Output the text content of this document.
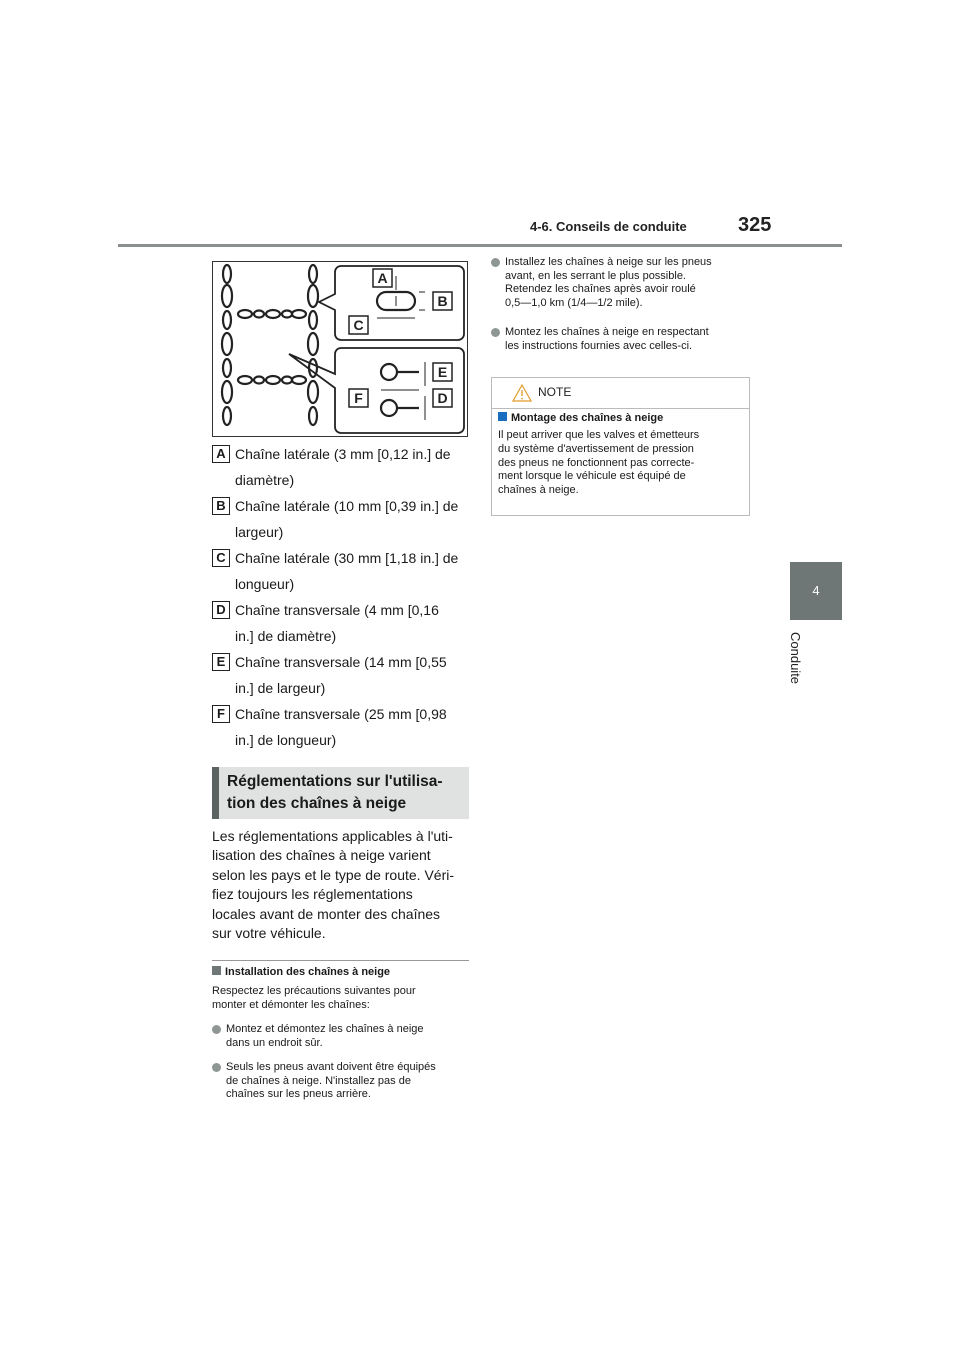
4-6. Conseils de conduite	325
4
Conduite
A
B
C
D
E
F
A Chaîne latérale (3 mm [0,12 in.] de
diamètre)
B Chaîne latérale (10 mm [0,39 in.] de
largeur)
C Chaîne latérale (30 mm [1,18 in.] de
longueur)
D Chaîne transversale (4 mm [0,16
in.] de diamètre)
E Chaîne transversale (14 mm [0,55
in.] de largeur)
F Chaîne transversale (25 mm [0,98
in.] de longueur)
Réglementations sur l'utilisa-
tion des chaînes à neige
Les réglementations applicables à l'uti-
lisation des chaînes à neige varient
selon les pays et le type de route. Véri-
fiez toujours les réglementations
locales avant de monter des chaînes
sur votre véhicule.
Installation des chaînes à neige
Respectez les précautions suivantes pour
monter et démonter les chaînes:
Montez et démontez les chaînes à neige
dans un endroit sûr.
Seuls les pneus avant doivent être équipés
de chaînes à neige. N'installez pas de
chaînes sur les pneus arrière.
Installez les chaînes à neige sur les pneus
avant, en les serrant le plus possible.
Retendez les chaînes après avoir roulé
0,5—1,0 km (1/4—1/2 mile).
Montez les chaînes à neige en respectant
les instructions fournies avec celles-ci.
NOTE
Montage des chaînes à neige
Il peut arriver que les valves et émetteurs
du système d'avertissement de pression
des pneus ne fonctionnent pas correcte-
ment lorsque le véhicule est équipé de
chaînes à neige.
